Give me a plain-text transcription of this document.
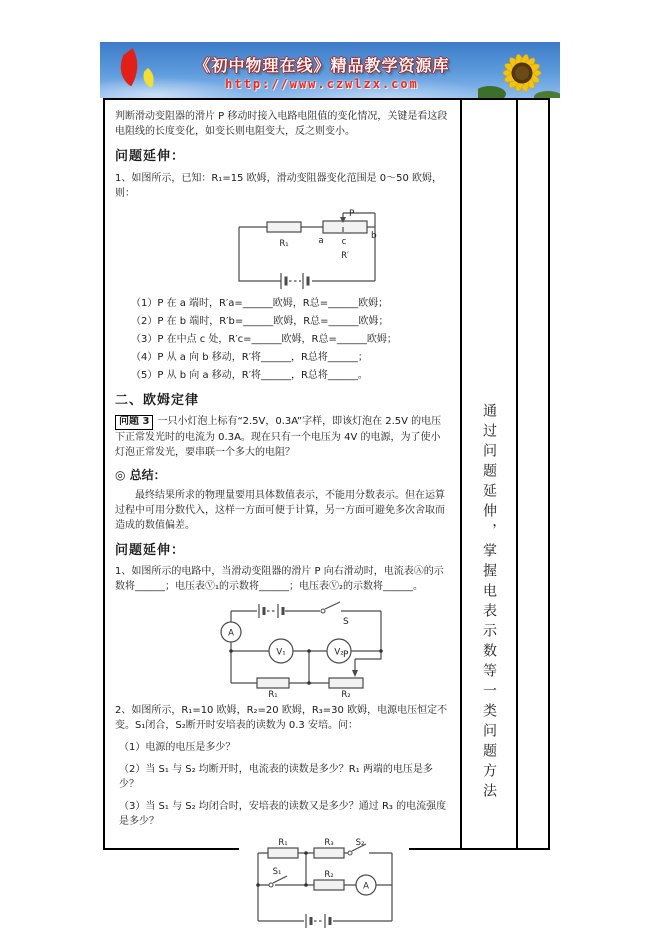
《初中物理在线》精品教学资源库
http://www.czwlzx.com

判断滑动变阻器的滑片 P 移动时接入电路电阻值的变化情况，关键是看这段电阻线的长度变化，如变长则电阻变大，反之则变小。

问题延伸：

1、如图所示，已知：R₁=15 欧姆，滑动变阻器变化范围是 0～50 欧姆，则：

P
R₁	a c
b
R′
（1）P 在 a 端时，R′a=______欧姆，R总=______欧姆；
（2）P 在 b 端时，R′b=______欧姆，R总=______欧姆；
（3）P 在中点 c 处，R′c=______欧姆，R总=______欧姆；
（4）P 从 a 向 b 移动，R′将______，R总将______；
（5）P 从 b 向 a 移动，R′将______，R总将______。
二、欧姆定律

问题 3 一只小灯泡上标有“2.5V，0.3A”字样，即该灯泡在 2.5V 的电压下正常发光时的电流为 0.3A。现在只有一个电压为 4V 的电源，为了使小灯泡正常发光，要串联一个多大的电阻？

◎ 总结：

最终结果所求的物理量要用具体数值表示，不能用分数表示。但在运算过程中可用分数代入，这样一方面可便于计算，另一方面可避免多次舍取而造成的数值偏差。

问题延伸：

1、如图所示的电路中，当滑动变阻器的滑片 P 向右滑动时，电流表Ⓐ的示数将______；电压表Ⓥ₁的示数将______；电压表Ⓥ₂的示数将______。

S
A
V₁	V₂ P
R₁	R₂

2、如图所示，R₁=10 欧姆，R₂=20 欧姆，R₃=30 欧姆，电源电压恒定不变。S₁闭合，S₂断开时安培表的读数为 0.3 安培。问：

（1）电源的电压是多少？
（2）当 S₁ 与 S₂ 均断开时，电流表的读数是多少？R₁ 两端的电压是多少？
（3）当 S₁ 与 S₂ 均闭合时，安培表的读数又是多少？通过 R₃ 的电流强度是多少？
A
R₁	R₃	S₂
S₁	R₂
通过问题延伸，掌握电表示数等一类问题方法
